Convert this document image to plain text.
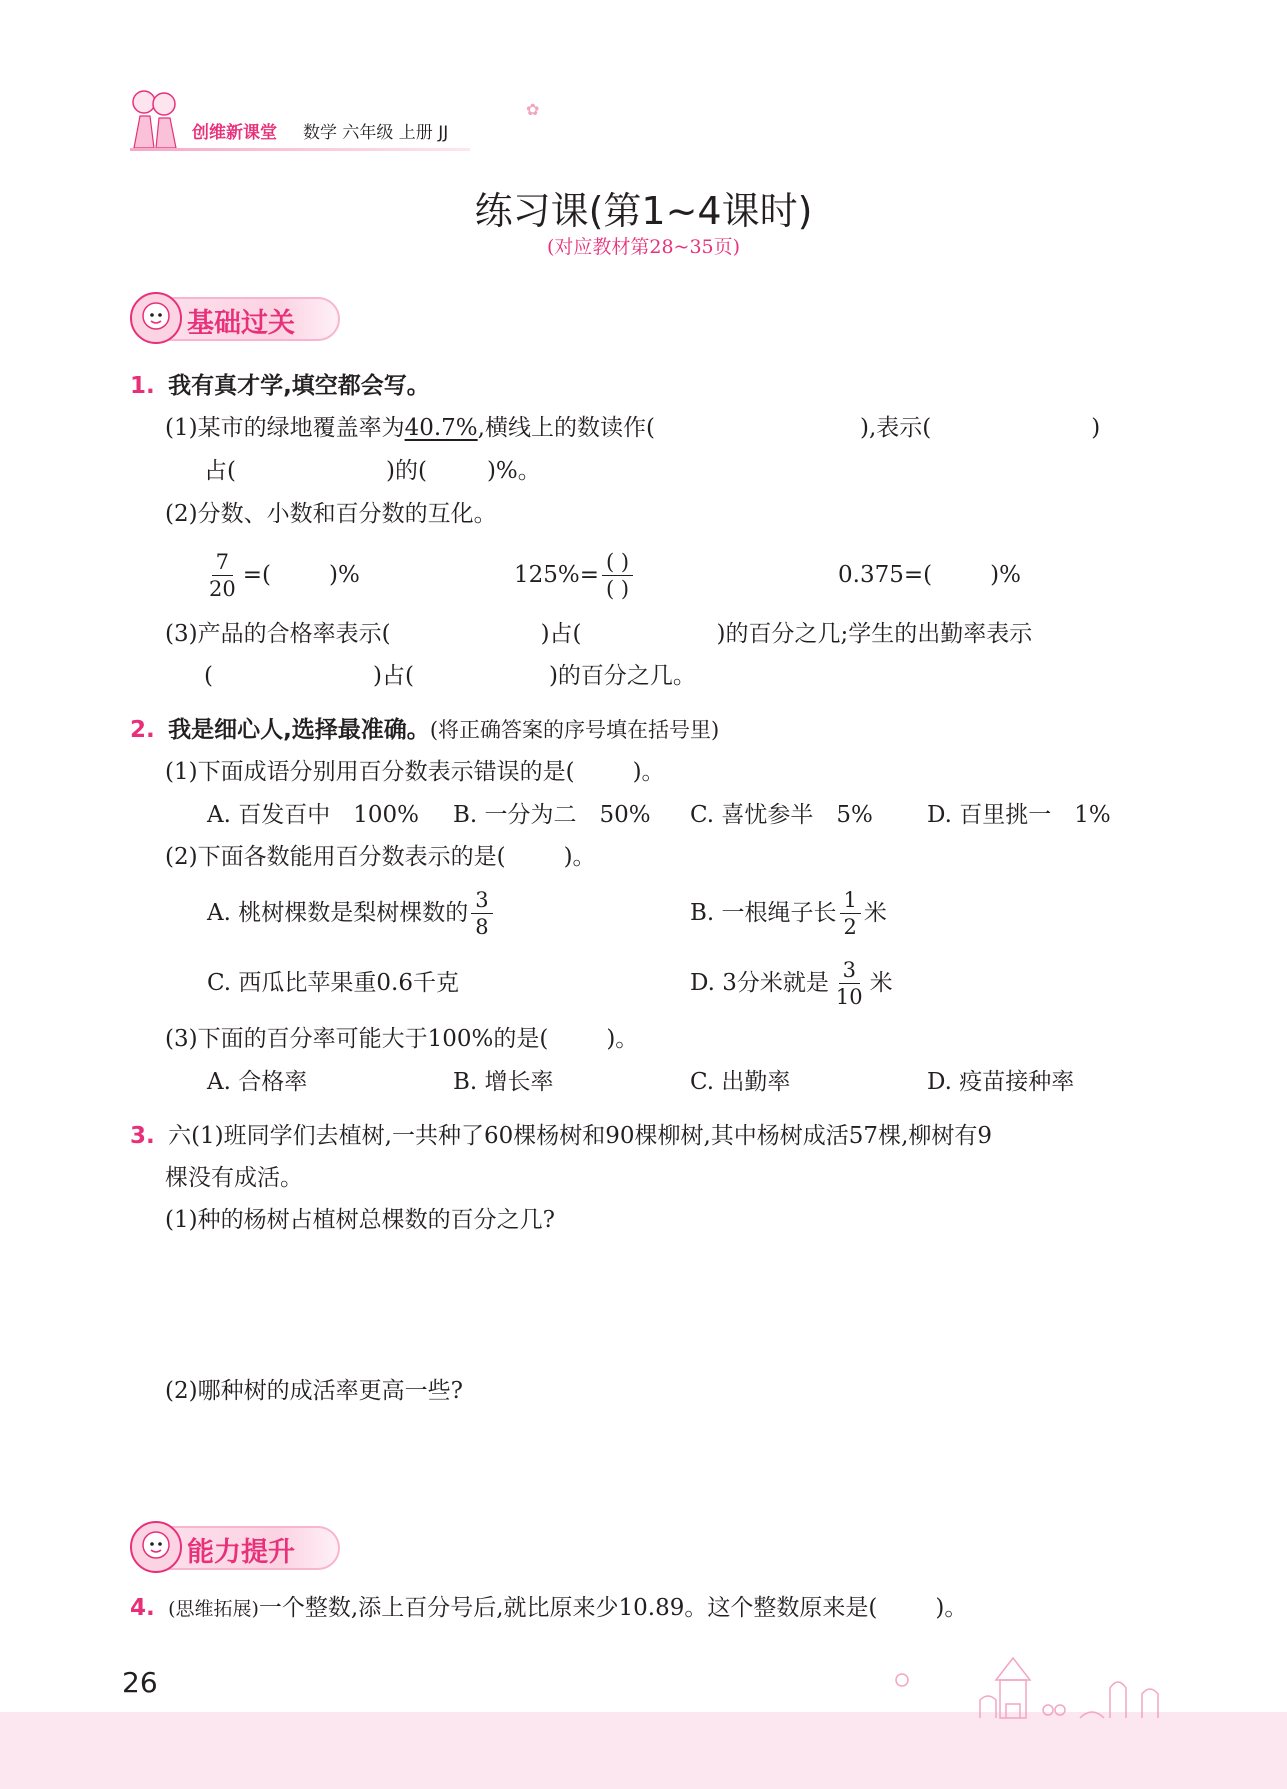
创维新课堂 数学 六年级 上册 JJ
✿
练习课(第1~4课时)
(对应教材第28~35页)
基础过关
1. 我有真才学,填空都会写。
(1)某市的绿地覆盖率为40.7%,横线上的数读作(	),表示(	)
占(	)的(	)%。
(2)分数、小数和百分数的互化。
$\frac{7}{20}$ =(	)%	$125\%= \frac{( )}{( )}$	0.375=(	)%
(3)产品的合格率表示(	)占(	)的百分之几;学生的出勤率表示
(	)占(	)的百分之几。
2. 我是细心人,选择最准确。(将正确答案的序号填在括号里)
(1)下面成语分别用百分数表示错误的是(	)。
A. 百发百中　100% B. 一分为二　50% C. 喜忧参半　5% D. 百里挑一　1%
(2)下面各数能用百分数表示的是(	)。
A. 桃树棵数是梨树棵数的 $\frac{3}{8}$	B. 一根绳子长 $\frac{1}{2}$ 米
C. 西瓜比苹果重0.6千克	D. 3分米就是 $\frac{3}{10}$ 米
(3)下面的百分率可能大于100%的是(	)。
A. 合格率	B. 增长率	C. 出勤率	D. 疫苗接种率
3. 六(1)班同学们去植树,一共种了60棵杨树和90棵柳树,其中杨树成活57棵,柳树有9
棵没有成活。
(1)种的杨树占植树总棵数的百分之几?
(2)哪种树的成活率更高一些?
能力提升
4. (思维拓展)一个整数,添上百分号后,就比原来少10.89。这个整数原来是(	)。
26
